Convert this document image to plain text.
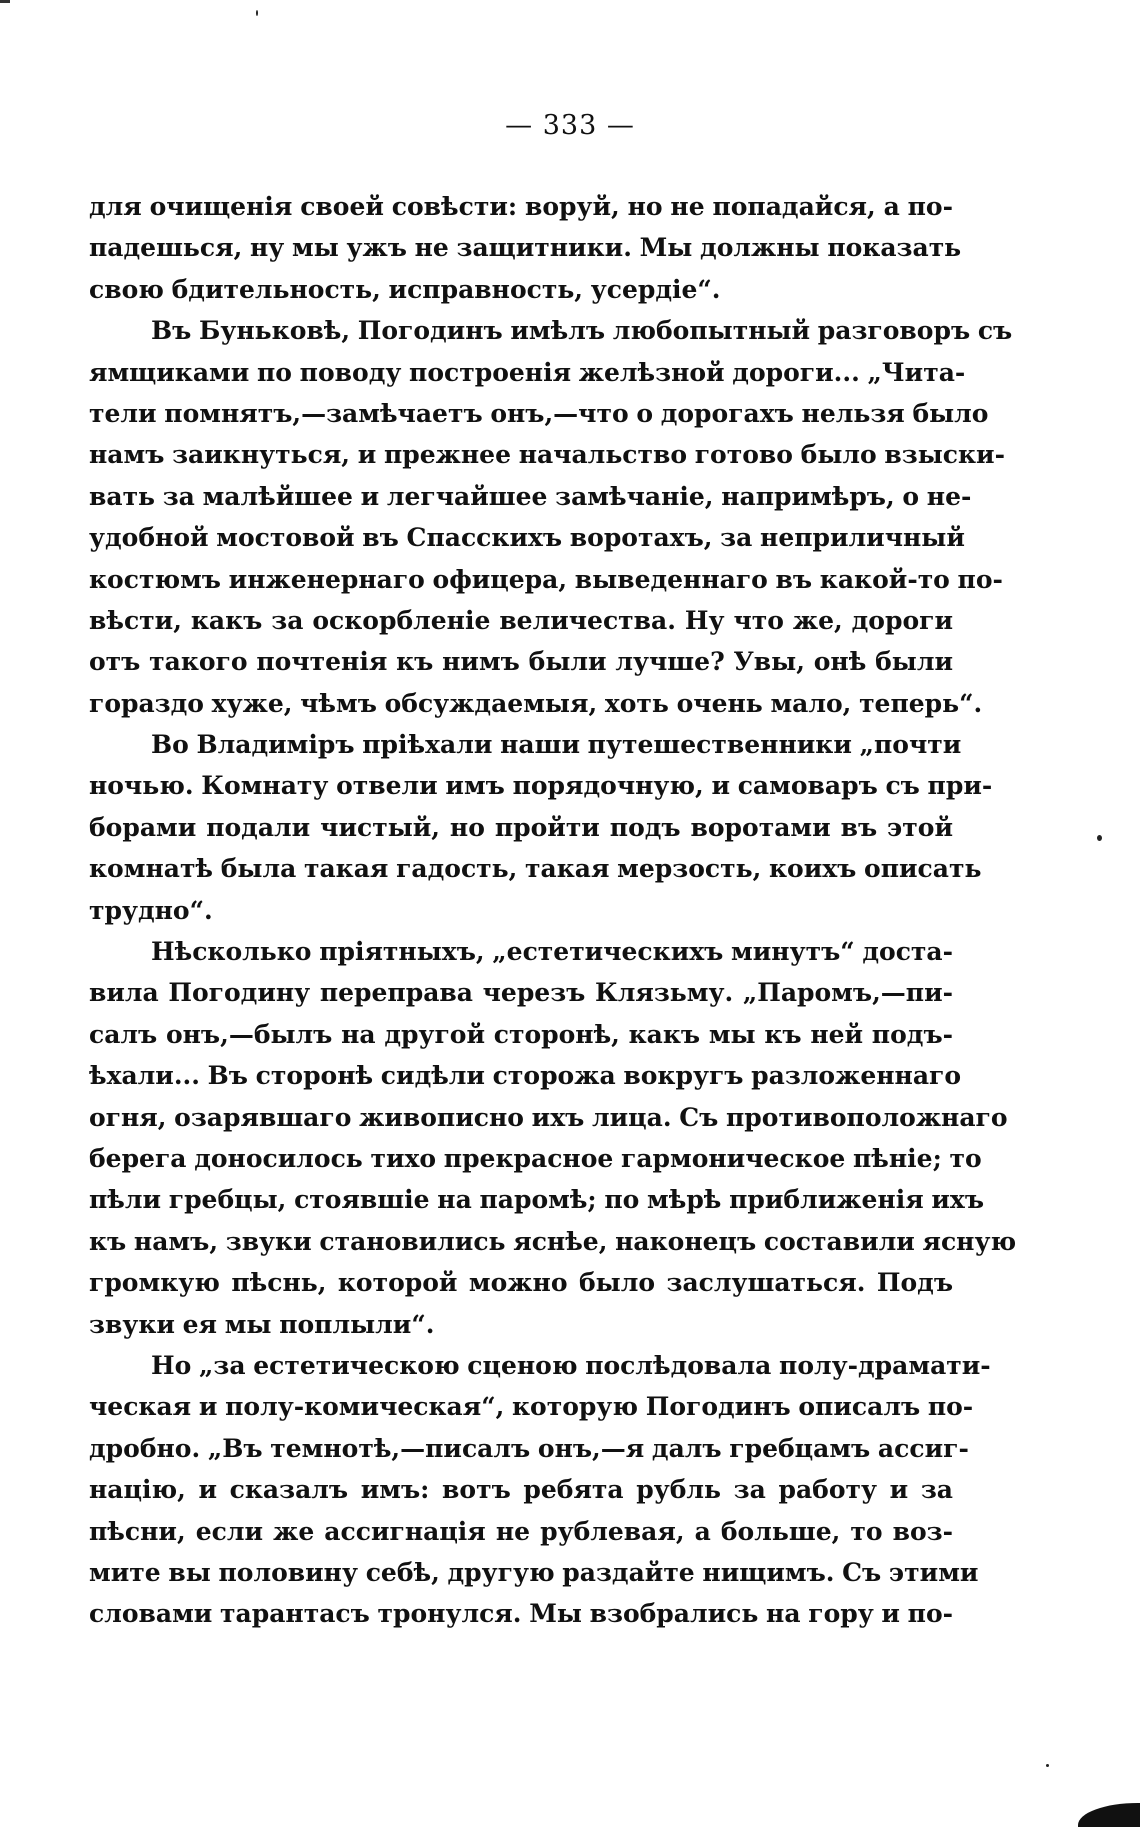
— 333 —
для очищенія своей совѣсти: воруй, но не попадайся, а по-
падешься, ну мы ужъ не защитники. Мы должны показать
свою бдительность, исправность, усердіе“.
Въ Буньковѣ, Погодинъ имѣлъ любопытный разговоръ съ
ямщиками по поводу построенія желѣзной дороги... „Чита-
тели помнятъ,—замѣчаетъ онъ,—что о дорогахъ нельзя было
намъ заикнуться, и прежнее начальство готово было взыски-
вать за малѣйшее и легчайшее замѣчаніе, напримѣръ, о не-
удобной мостовой въ Спасскихъ воротахъ, за неприличный
костюмъ инженернаго офицера, выведеннаго въ какой-то по-
вѣсти, какъ за оскорбленіе величества. Ну что же, дороги
отъ такого почтенія къ нимъ были лучше? Увы, онѣ были
гораздо хуже, чѣмъ обсуждаемыя, хоть очень мало, теперь“.
Во Владиміръ пріѣхали наши путешественники „почти
ночью. Комнату отвели имъ порядочную, и самоваръ съ при-
борами подали чистый, но пройти подъ воротами въ этой
комнатѣ была такая гадость, такая мерзость, коихъ описать
трудно“.
Нѣсколько пріятныхъ, „естетическихъ минутъ“ доста-
вила Погодину переправа черезъ Клязьму. „Паромъ,—пи-
салъ онъ,—былъ на другой сторонѣ, какъ мы къ ней подъ-
ѣхали... Въ сторонѣ сидѣли сторожа вокругъ разложеннаго
огня, озарявшаго живописно ихъ лица. Съ противоположнаго
берега доносилось тихо прекрасное гармоническое пѣніе; то
пѣли гребцы, стоявшіе на паромѣ; по мѣрѣ приближенія ихъ
къ намъ, звуки становились яснѣе, наконецъ составили ясную
громкую пѣснь, которой можно было заслушаться. Подъ
звуки ея мы поплыли“.
Но „за естетическою сценою послѣдовала полу-драмати-
ческая и полу-комическая“, которую Погодинъ описалъ по-
дробно. „Въ темнотѣ,—писалъ онъ,—я далъ гребцамъ ассиг-
націю, и сказалъ имъ: вотъ ребята рубль за работу и за
пѣсни, если же ассигнація не рублевая, а больше, то воз-
мите вы половину себѣ, другую раздайте нищимъ. Съ этими
словами тарантасъ тронулся. Мы взобрались на гору и по-
